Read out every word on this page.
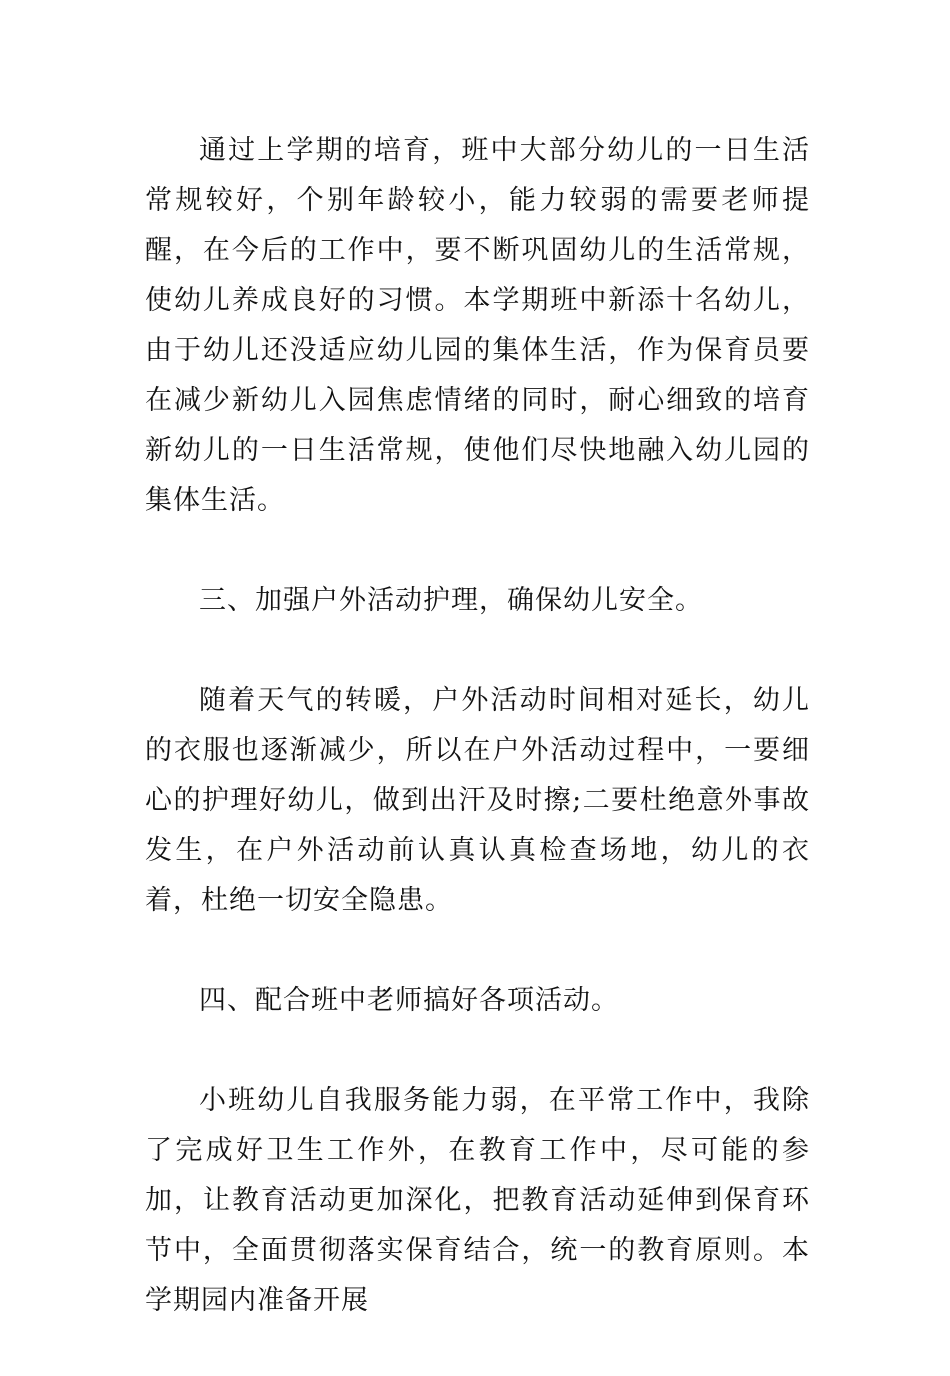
通过上学期的培育，班中大部分幼儿的一日生活常规较好，个别年龄较小，能力较弱的需要老师提醒，在今后的工作中，要不断巩固幼儿的生活常规，使幼儿养成良好的习惯。本学期班中新添十名幼儿，由于幼儿还没适应幼儿园的集体生活，作为保育员要在减少新幼儿入园焦虑情绪的同时，耐心细致的培育新幼儿的一日生活常规，使他们尽快地融入幼儿园的集体生活。

三、加强户外活动护理，确保幼儿安全。

随着天气的转暖，户外活动时间相对延长，幼儿的衣服也逐渐减少，所以在户外活动过程中，一要细心的护理好幼儿，做到出汗及时擦;二要杜绝意外事故发生，在户外活动前认真认真检查场地，幼儿的衣着，杜绝一切安全隐患。

四、配合班中老师搞好各项活动。

小班幼儿自我服务能力弱，在平常工作中，我除了完成好卫生工作外，在教育工作中，尽可能的参加，让教育活动更加深化，把教育活动延伸到保育环节中，全面贯彻落实保育结合，统一的教育原则。本学期园内准备开展
